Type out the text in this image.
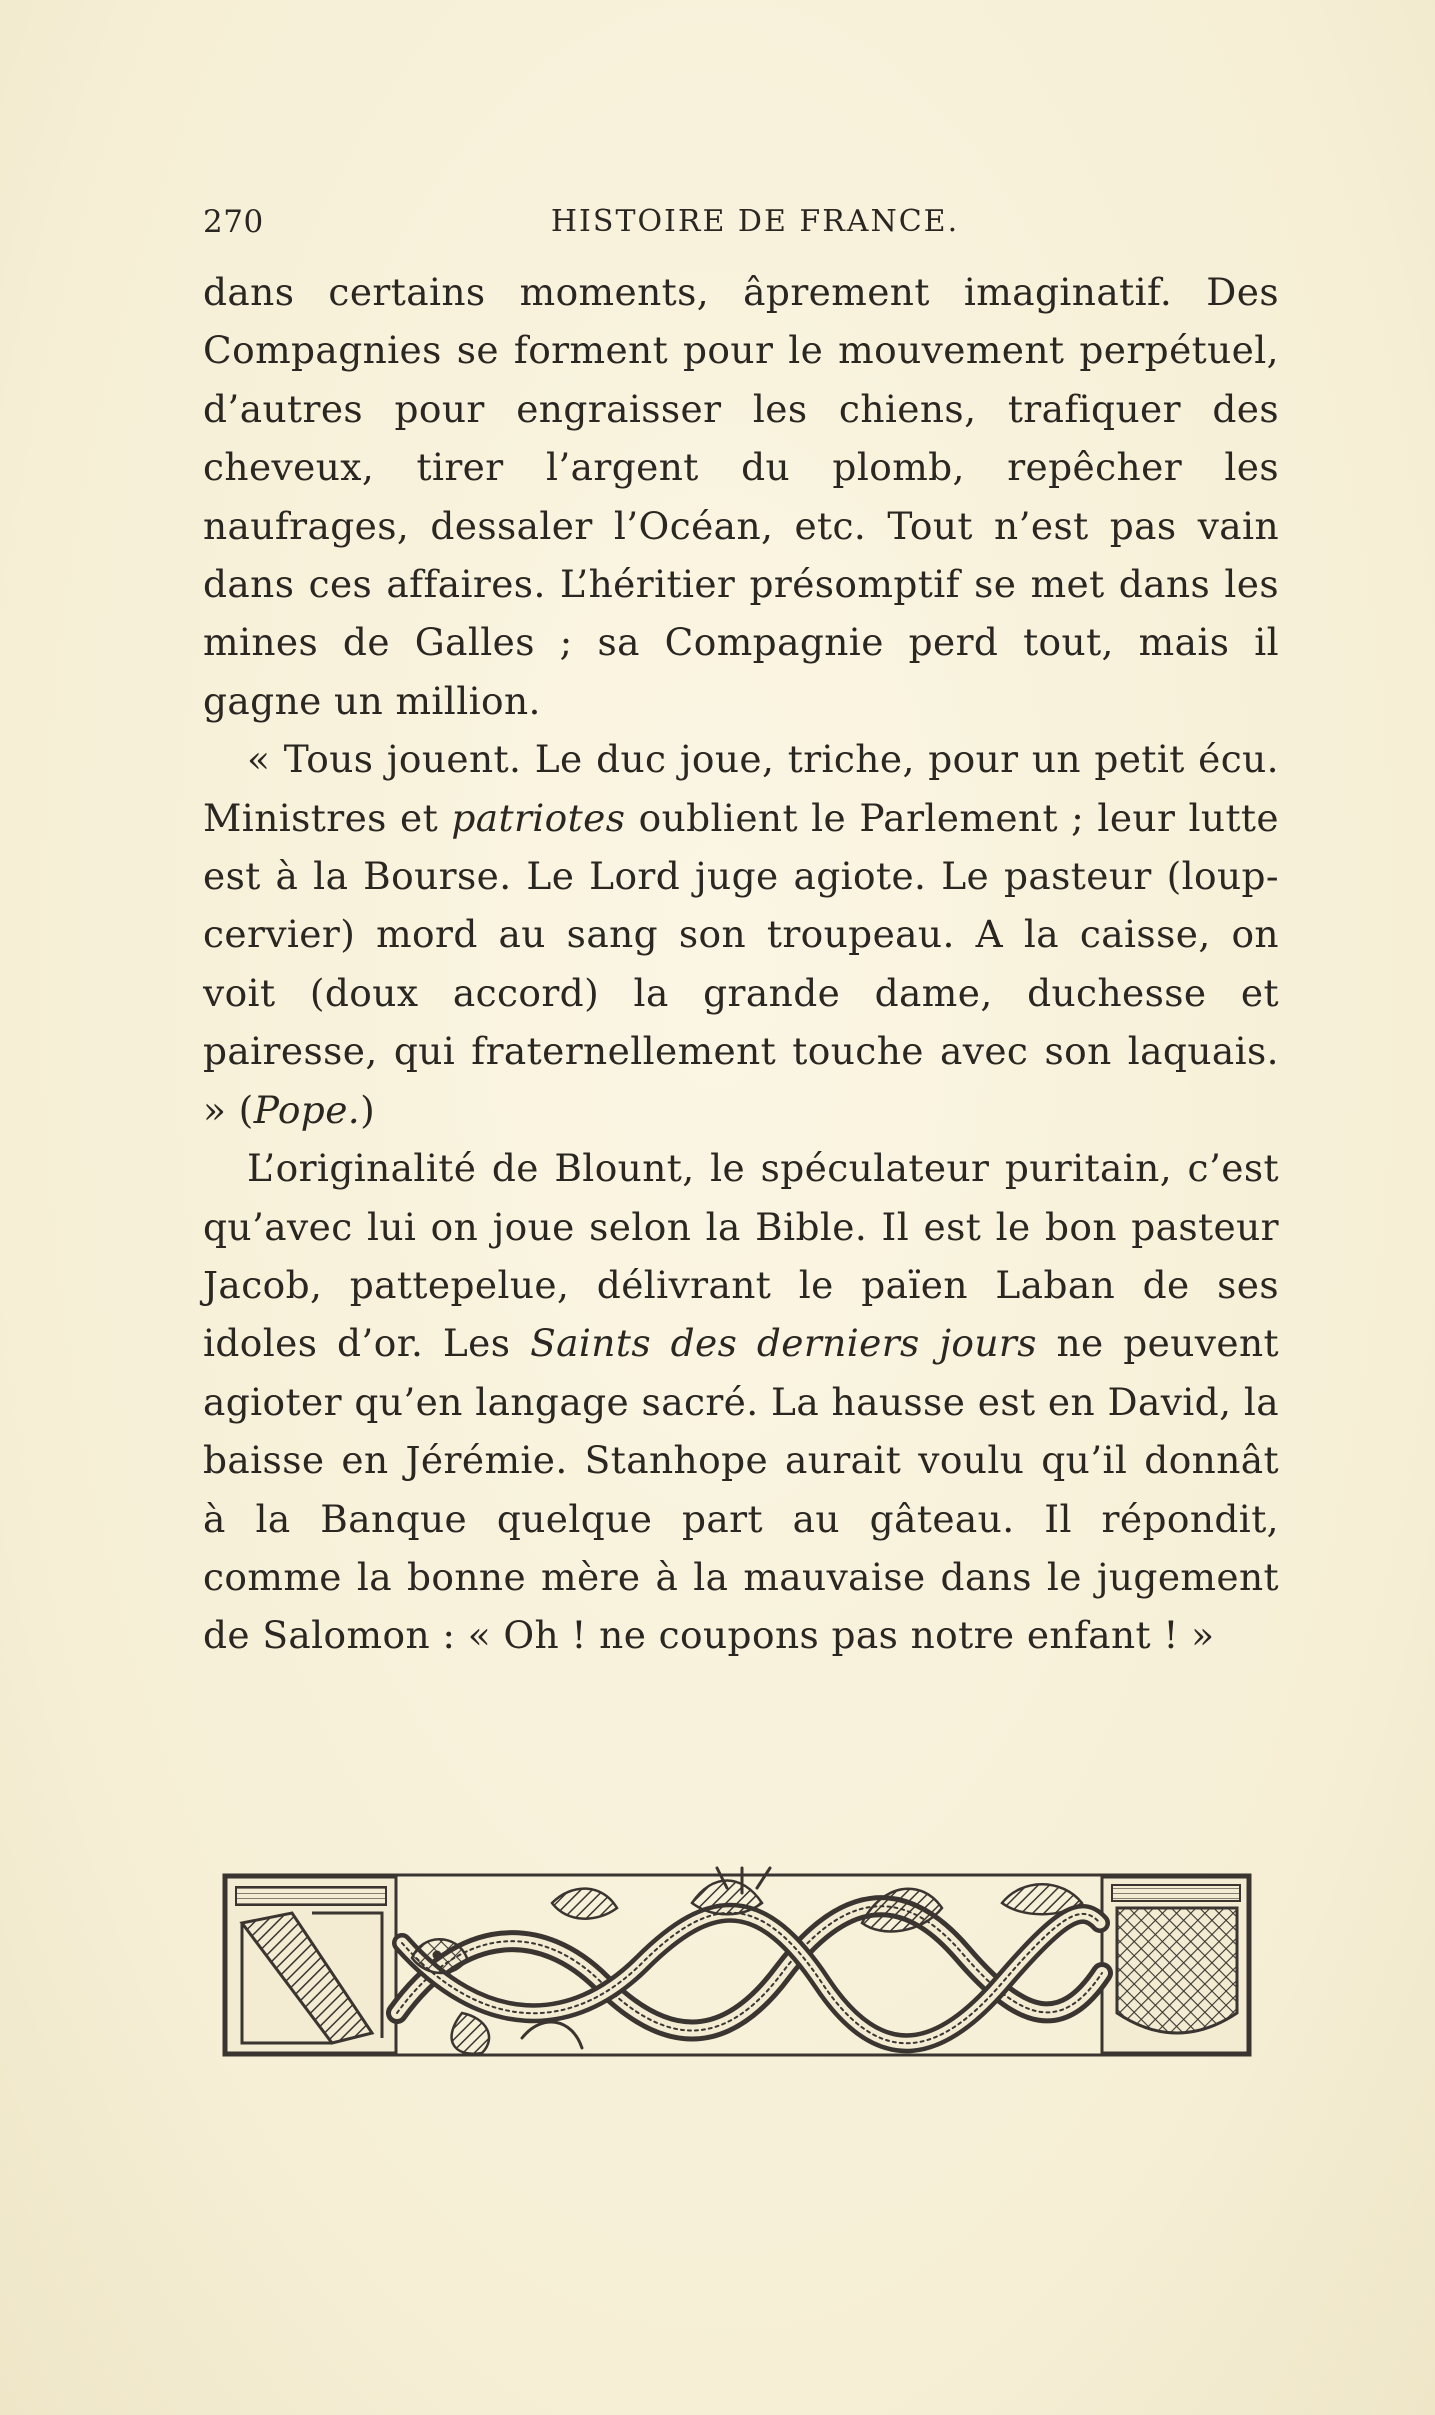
270	HISTOIRE DE FRANCE.

dans certains moments, âprement imaginatif. Des Compagnies se forment pour le mouvement perpétuel, d’autres pour engraisser les chiens, trafiquer des cheveux, tirer l’argent du plomb, repêcher les naufrages, dessaler l’Océan, etc. Tout n’est pas vain dans ces affaires. L’héritier présomptif se met dans les mines de Galles ; sa Compagnie perd tout, mais il gagne un million.

« Tous jouent. Le duc joue, triche, pour un petit écu. Ministres et patriotes oublient le Parlement ; leur lutte est à la Bourse. Le Lord juge agiote. Le pasteur (loup-cervier) mord au sang son troupeau. A la caisse, on voit (doux accord) la grande dame, duchesse et pairesse, qui fraternellement touche avec son laquais. » (Pope.)

L’originalité de Blount, le spéculateur puritain, c’est qu’avec lui on joue selon la Bible. Il est le bon pasteur Jacob, pattepelue, délivrant le païen Laban de ses idoles d’or. Les Saints des derniers jours ne peuvent agioter qu’en langage sacré. La hausse est en David, la baisse en Jérémie. Stanhope aurait voulu qu’il donnât à la Banque quelque part au gâteau. Il répondit, comme la bonne mère à la mauvaise dans le jugement de Salomon : « Oh ! ne coupons pas notre enfant ! »
